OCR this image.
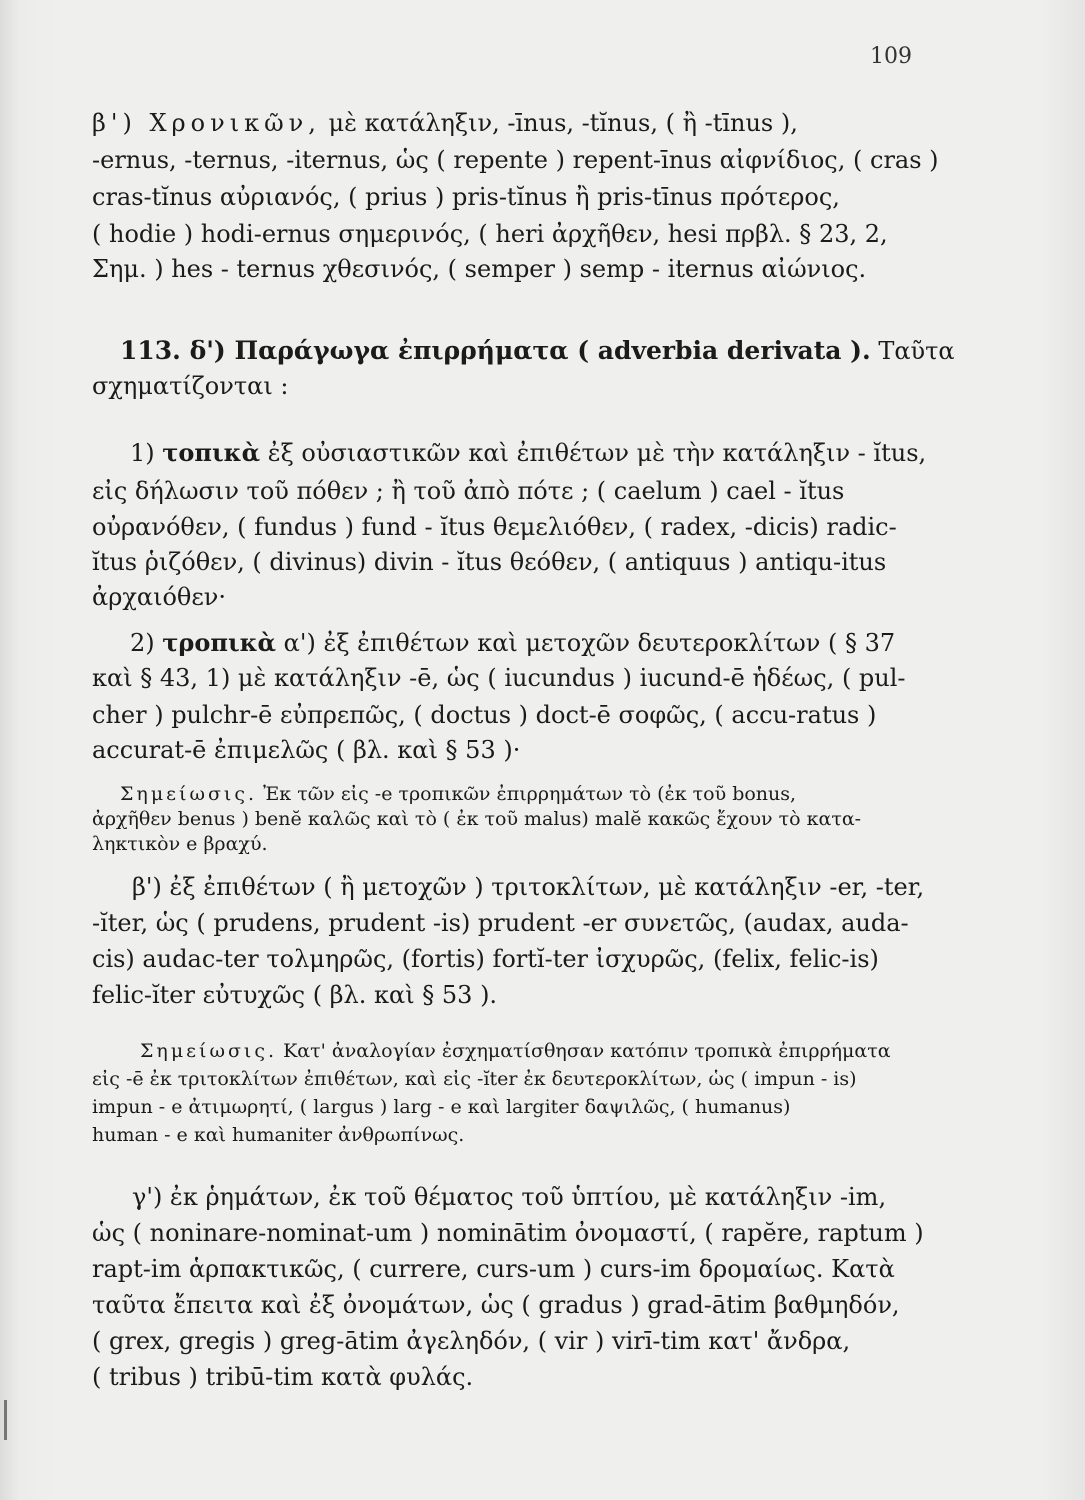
109
β') Χρονικῶν, μὲ κατάληξιν, -īnus, -tĭnus, ( ἢ -tīnus ),
-ernus, -ternus, -iternus, ὡς ( repente ) repent-īnus αἰφνίδιος, ( cras )
cras-tĭnus αὐριανός, ( prius ) pris-tĭnus ἢ pris-tīnus πρότερος,
( hodie ) hodi-ernus σημερινός, ( heri ἀρχῆθεν, hesi πρβλ. § 23, 2,
Σημ. ) hes - ternus χθεσινός, ( semper ) semp - iternus αἰώνιος.
113. δ') Παράγωγα ἐπιρρήματα ( adverbia derivata ). Ταῦτα
σχηματίζονται :
1) τοπικὰ ἐξ οὐσιαστικῶν καὶ ἐπιθέτων μὲ τὴν κατάληξιν - ĭtus,
εἰς δήλωσιν τοῦ πόθεν ; ἢ τοῦ ἀπὸ πότε ; ( caelum ) cael - ĭtus
οὐρανόθεν, ( fundus ) fund - ĭtus θεμελιόθεν, ( radex, -dicis) radic-
ĭtus ῥιζόθεν, ( divinus) divin - ĭtus θεόθεν, ( antiquus ) antiqu-itus
ἀρχαιόθεν·
2) τροπικὰ α') ἐξ ἐπιθέτων καὶ μετοχῶν δευτεροκλίτων ( § 37
καὶ § 43, 1) μὲ κατάληξιν -ē, ὡς ( iucundus ) iucund-ē ἡδέως, ( pul-
cher ) pulchr-ē εὐπρεπῶς, ( doctus ) doct-ē σοφῶς, ( accu-ratus )
accurat-ē ἐπιμελῶς ( βλ. καὶ § 53 )·
Σημείωσις. Ἐκ τῶν εἰς -e τροπικῶν ἐπιρρημάτων τὸ (ἐκ τοῦ bonus,
ἀρχῆθεν benus ) benĕ καλῶς καὶ τὸ ( ἐκ τοῦ malus) malĕ κακῶς ἔχουν τὸ κατα-
ληκτικὸν e βραχύ.
β') ἐξ ἐπιθέτων ( ἢ μετοχῶν ) τριτοκλίτων, μὲ κατάληξιν -er, -ter,
-ĭter, ὡς ( prudens, prudent -is) prudent -er συνετῶς, (audax, auda-
cis) audac-ter τολμηρῶς, (fortis) fortĭ-ter ἰσχυρῶς, (felix, felic-is)
felic-ĭter εὐτυχῶς ( βλ. καὶ § 53 ).
Σημείωσις. Κατ' ἀναλογίαν ἐσχηματίσθησαν κατόπιν τροπικὰ ἐπιρρήματα
εἰς -ē ἐκ τριτοκλίτων ἐπιθέτων, καὶ εἰς -ĭter ἐκ δευτεροκλίτων, ὡς ( impun - is)
impun - e ἀτιμωρητί, ( largus ) larg - e καὶ largiter δαψιλῶς, ( humanus)
human - e καὶ humaniter ἀνθρωπίνως.
γ') ἐκ ῥημάτων, ἐκ τοῦ θέματος τοῦ ὑπτίου, μὲ κατάληξιν -im,
ὡς ( noninare-nominat-um ) nominātim ὀνομαστί, ( rapĕre, raptum )
rapt-im ἁρπακτικῶς, ( currere, curs-um ) curs-im δρομαίως. Κατὰ
ταῦτα ἔπειτα καὶ ἐξ ὀνομάτων, ὡς ( gradus ) grad-ātim βαθμηδόν,
( grex, gregis ) greg-ātim ἀγεληδόν, ( vir ) virī-tim κατ' ἄνδρα,
( tribus ) tribū-tim κατὰ φυλάς.
